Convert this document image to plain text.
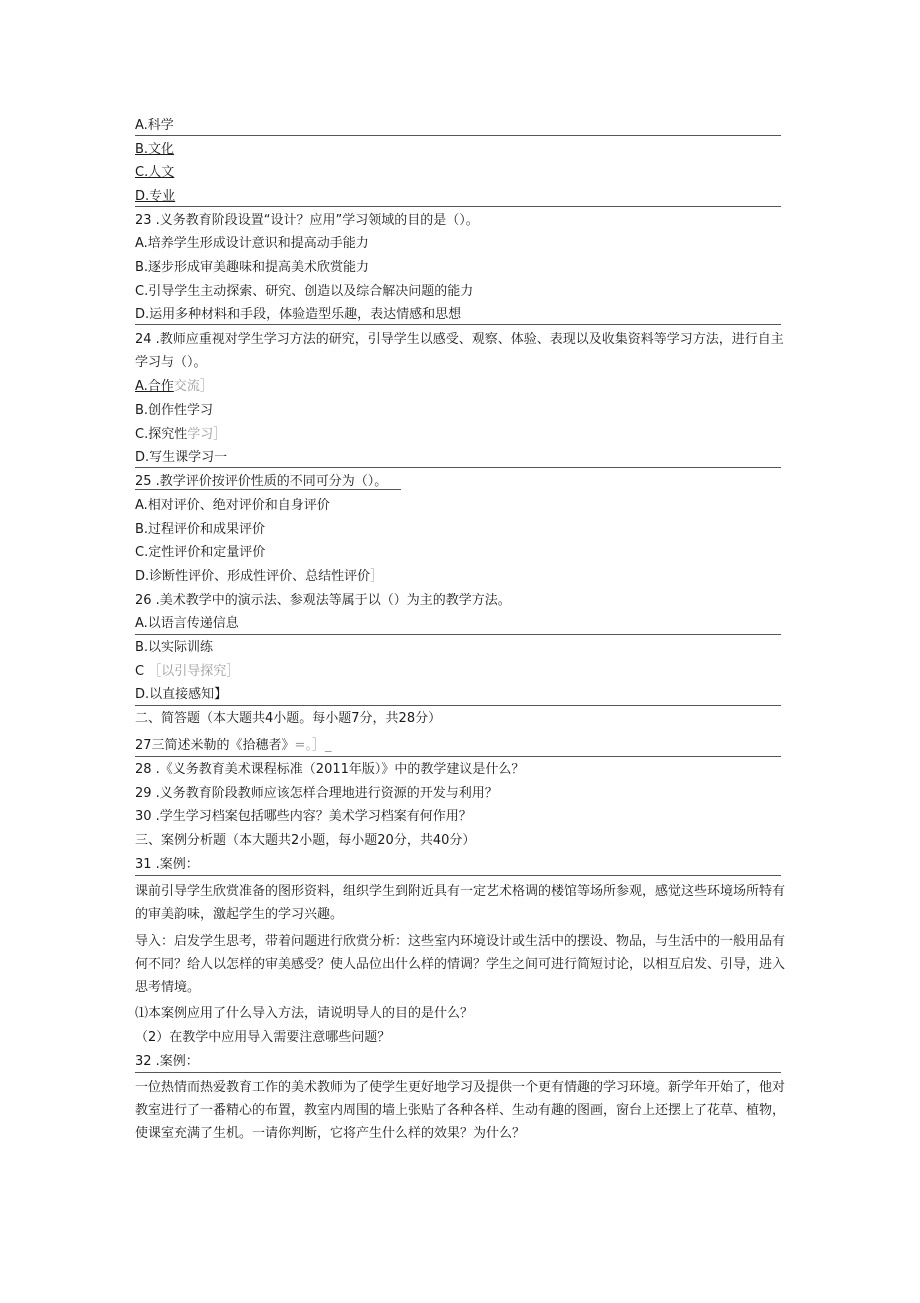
A.科学
B.文化
C.人文
D.专业
23 .义务教育阶段设置“设计？应用”学习领域的目的是（）。
A.培养学生形成设计意识和提高动手能力
B.逐步形成审美趣味和提高美术欣赏能力
C.引导学生主动探索、研究、创造以及综合解决问题的能力
D.运用多种材料和手段，体验造型乐趣，表达情感和思想
24 .教师应重视对学生学习方法的研究，引导学生以感受、观察、体验、表现以及收集资料等学习方法，进行自主学习与（）。
A.合作交流］
B.创作性学习
C.探究性学习］
D.写生课学习一
25 .教学评价按评价性质的不同可分为（）。
A.相对评价、绝对评价和自身评价
B.过程评价和成果评价
C.定性评价和定量评价
D.诊断性评价、形成性评价、总结性评价］
26 .美术教学中的演示法、参观法等属于以（）为主的教学方法。
A.以语言传递信息
B.以实际训练
C ［以引导探究］
D.以直接感知】
二、简答题（本大题共4小题。每小题7分，共28分）
27三简述米勒的《拾穗者》=。］_
28 .《义务教育美术课程标准（2011年版）》中的教学建议是什么？
29 .义务教育阶段教师应该怎样合理地进行资源的开发与利用？
30 .学生学习档案包括哪些内容？美术学习档案有何作用？
三、案例分析题（本大题共2小题，每小题20分，共40分）
31 .案例：
课前引导学生欣赏准备的图形资料，组织学生到附近具有一定艺术格调的楼馆等场所参观，感觉这些环境场所特有的审美韵味，激起学生的学习兴趣。
导入：启发学生思考，带着问题进行欣赏分析：这些室内环境设计或生活中的摆设、物品，与生活中的一般用品有何不同？给人以怎样的审美感受？使人品位出什么样的情调？学生之间可进行简短讨论，以相互启发、引导，进入思考情境。
⑴本案例应用了什么导入方法，请说明导人的目的是什么？
（2）在教学中应用导入需要注意哪些问题？
32 .案例：
一位热情而热爱教育工作的美术教师为了使学生更好地学习及提供一个更有情趣的学习环境。新学年开始了，他对教室进行了一番精心的布置，教室内周围的墙上张贴了各种各样、生动有趣的图画，窗台上还摆上了花草、植物，使课室充满了生机。一请你判断，它将产生什么样的效果？为什么？
